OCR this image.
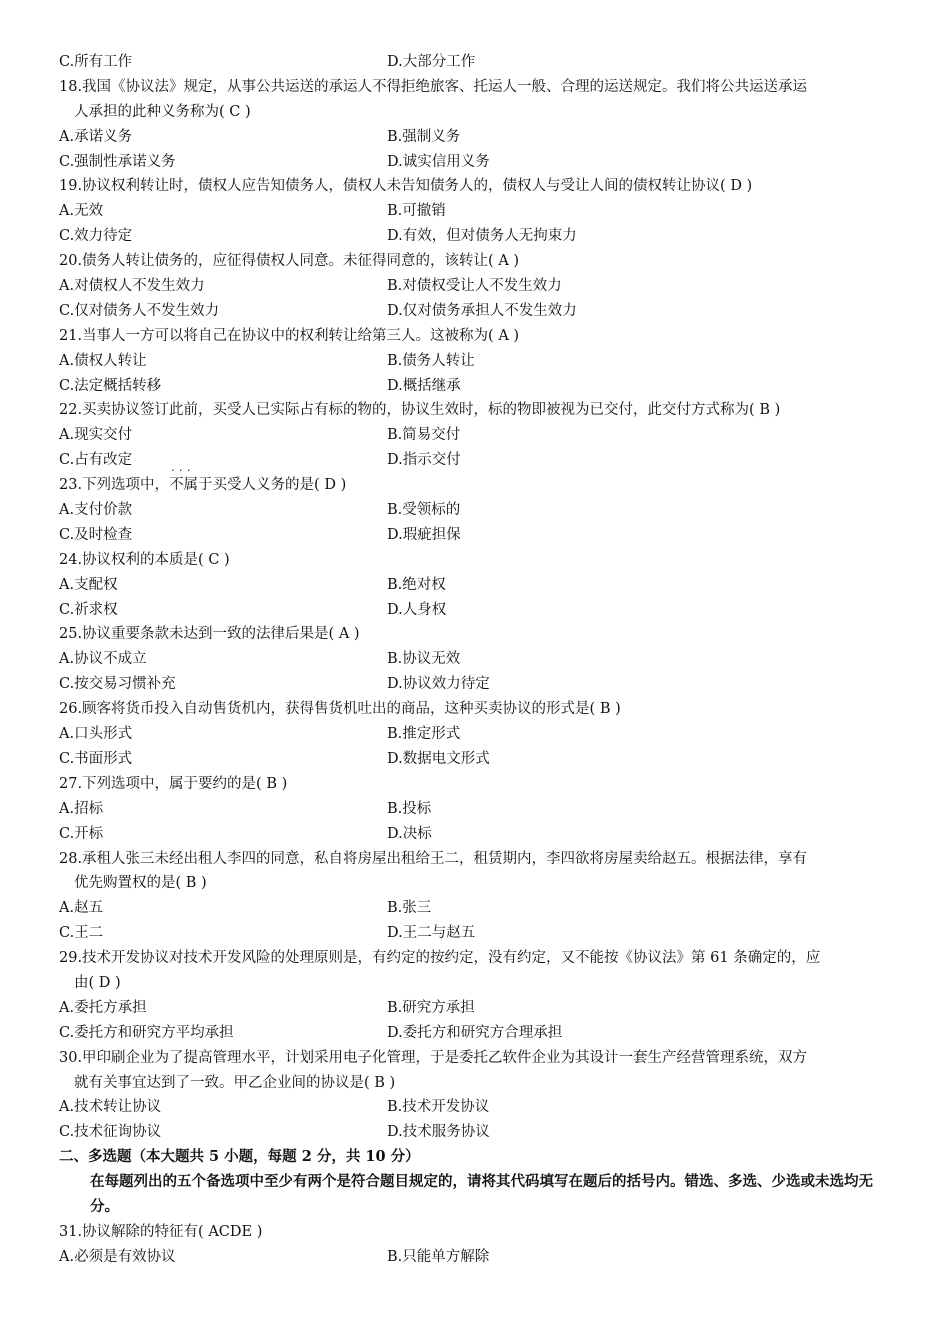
C.所有工作	D.大部分工作
18.我国《协议法》规定，从事公共运送的承运人不得拒绝旅客、托运人一般、合理的运送规定。我们将公共运送承运
人承担的此种义务称为( C )
A.承诺义务	B.强制义务
C.强制性承诺义务	D.诚实信用义务
19.协议权利转让时，债权人应告知债务人，债权人未告知债务人的，债权人与受让人间的债权转让协议( D )
A.无效	B.可撤销
C.效力待定	D.有效，但对债务人无拘束力
20.债务人转让债务的，应征得债权人同意。未征得同意的，该转让( A )
A.对债权人不发生效力	B.对债权受让人不发生效力
C.仅对债务人不发生效力	D.仅对债务承担人不发生效力
21.当事人一方可以将自己在协议中的权利转让给第三人。这被称为( A )
A.债权人转让	B.债务人转让
C.法定概括转移	D.概括继承
22.买卖协议签订此前，买受人已实际占有标的物的，协议生效时，标的物即被视为已交付，此交付方式称为( B )
A.现实交付	B.简易交付
C.占有改定	D.指示交付
23.下列选项中，· · · 不属于买受人义务的是( D )
A.支付价款	B.受领标的
C.及时检查	D.瑕疵担保
24.协议权利的本质是( C )
A.支配权	B.绝对权
C.祈求权	D.人身权
25.协议重要条款未达到一致的法律后果是( A )
A.协议不成立	B.协议无效
C.按交易习惯补充	D.协议效力待定
26.顾客将货币投入自动售货机内，获得售货机吐出的商品，这种买卖协议的形式是( B )
A.口头形式	B.推定形式
C.书面形式	D.数据电文形式
27.下列选项中，属于要约的是( B )
A.招标	B.投标
C.开标	D.决标
28.承租人张三未经出租人李四的同意，私自将房屋出租给王二，租赁期内，李四欲将房屋卖给赵五。根据法律，享有
优先购置权的是( B )
A.赵五	B.张三
C.王二	D.王二与赵五
29.技术开发协议对技术开发风险的处理原则是，有约定的按约定，没有约定，又不能按《协议法》第 61 条确定的，应
由( D )
A.委托方承担	B.研究方承担
C.委托方和研究方平均承担	D.委托方和研究方合理承担
30.甲印刷企业为了提高管理水平，计划采用电子化管理，于是委托乙软件企业为其设计一套生产经营管理系统，双方
就有关事宜达到了一致。甲乙企业间的协议是( B )
A.技术转让协议	B.技术开发协议
C.技术征询协议	D.技术服务协议
二、多选题（本大题共 5 小题，每题 2 分，共 10 分）
在每题列出的五个备选项中至少有两个是符合题目规定的，请将其代码填写在题后的括号内。错选、多选、少选或未选均无分。
31.协议解除的特征有( ACDE )
A.必须是有效协议	B.只能单方解除
